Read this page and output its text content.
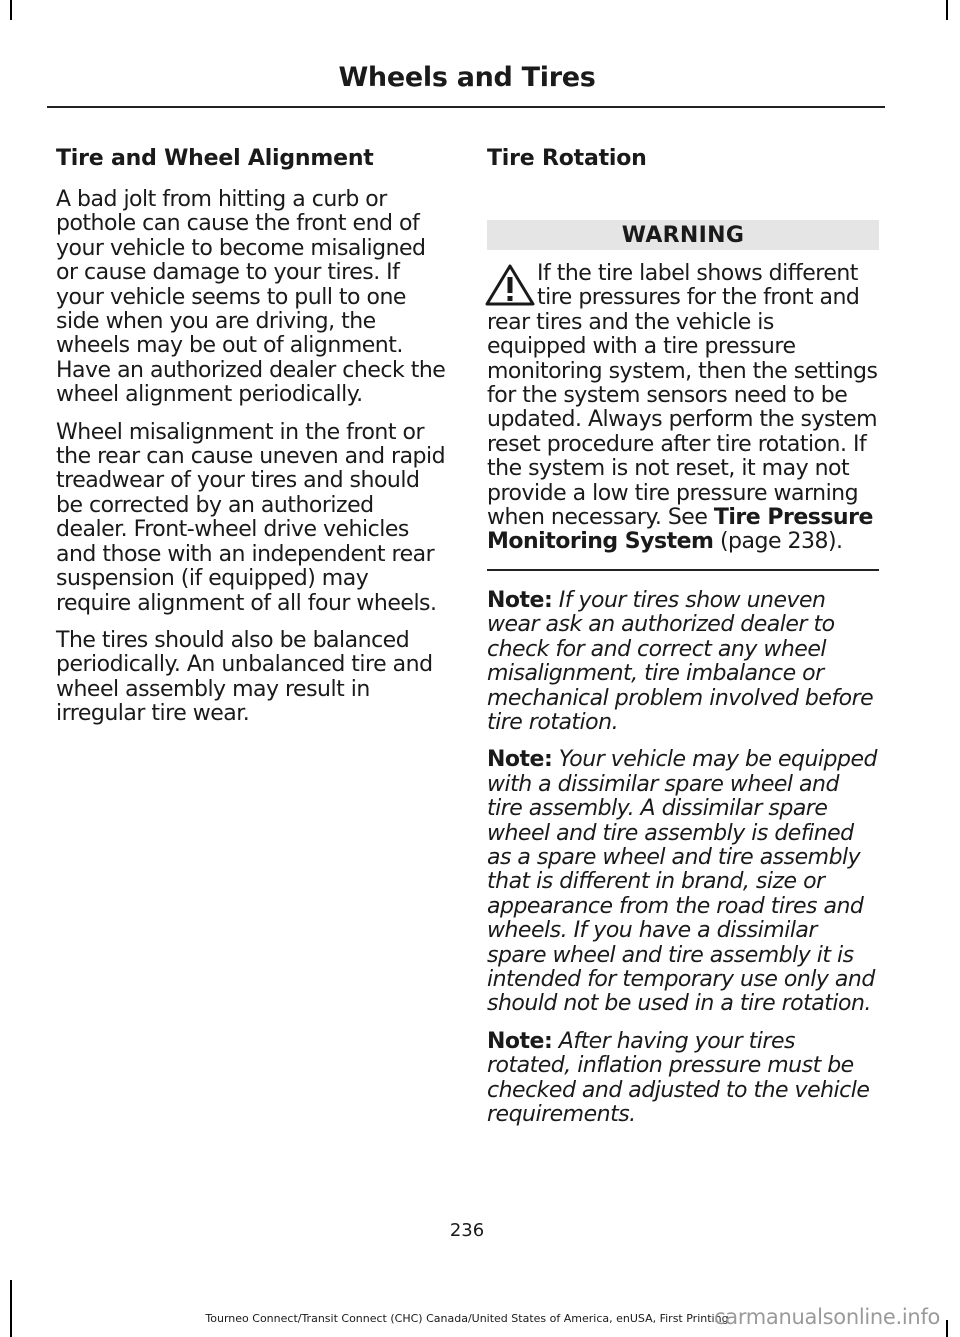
Wheels and Tires
Tire and Wheel Alignment

A bad jolt from hitting a curb or pothole can cause the front end of your vehicle to become misaligned or cause damage to your tires. If your vehicle seems to pull to one side when you are driving, the wheels may be out of alignment. Have an authorized dealer check the wheel alignment periodically.

Wheel misalignment in the front or the rear can cause uneven and rapid treadwear of your tires and should be corrected by an authorized dealer. Front-wheel drive vehicles and those with an independent rear suspension (if equipped) may require alignment of all four wheels.

The tires should also be balanced periodically. An unbalanced tire and wheel assembly may result in irregular tire wear.

Tire Rotation
WARNING
If the tire label shows different tire pressures for the front and rear tires and the vehicle is equipped with a tire pressure monitoring system, then the settings for the system sensors need to be updated. Always perform the system reset procedure after tire rotation. If the system is not reset, it may not provide a low tire pressure warning when necessary. See Tire Pressure Monitoring System (page 238).

Note: If your tires show uneven wear ask an authorized dealer to check for and correct any wheel misalignment, tire imbalance or mechanical problem involved before tire rotation.

Note: Your vehicle may be equipped with a dissimilar spare wheel and tire assembly. A dissimilar spare wheel and tire assembly is defined as a spare wheel and tire assembly that is different in brand, size or appearance from the road tires and wheels. If you have a dissimilar spare wheel and tire assembly it is intended for temporary use only and should not be used in a tire rotation.

Note: After having your tires rotated, inflation pressure must be checked and adjusted to the vehicle requirements.

236
Tourneo Connect/Transit Connect (CHC) Canada/United States of America, enUSA, First Printing
carmanualsonline.info
